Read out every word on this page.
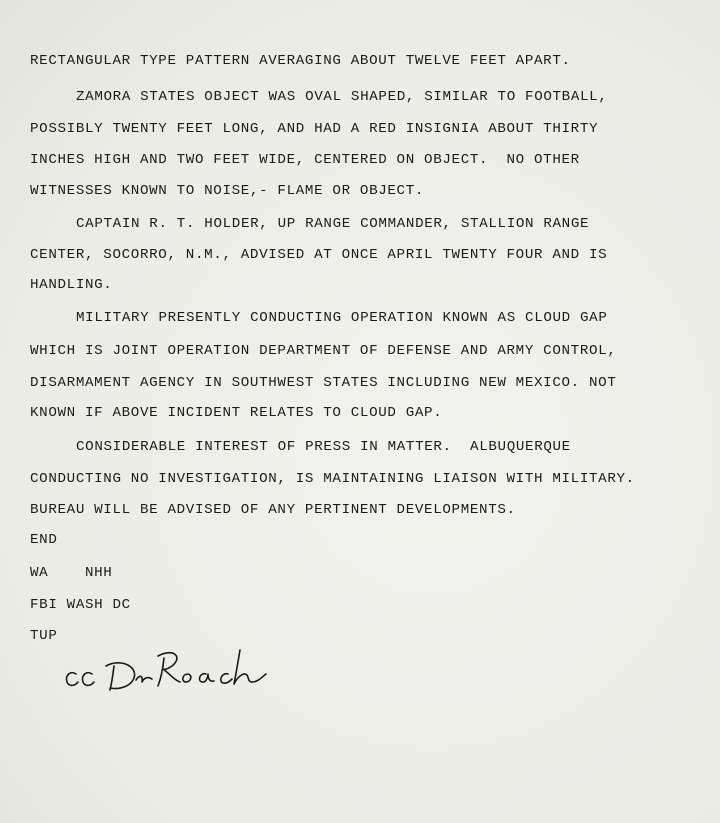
RECTANGULAR TYPE PATTERN AVERAGING ABOUT TWELVE FEET APART.
ZAMORA STATES OBJECT WAS OVAL SHAPED, SIMILAR TO FOOTBALL,
POSSIBLY TWENTY FEET LONG, AND HAD A RED INSIGNIA ABOUT THIRTY
INCHES HIGH AND TWO FEET WIDE, CENTERED ON OBJECT.  NO OTHER
WITNESSES KNOWN TO NOISE,- FLAME OR OBJECT.
CAPTAIN R. T. HOLDER, UP RANGE COMMANDER, STALLION RANGE
CENTER, SOCORRO, N.M., ADVISED AT ONCE APRIL TWENTY FOUR AND IS
HANDLING.
MILITARY PRESENTLY CONDUCTING OPERATION KNOWN AS CLOUD GAP
WHICH IS JOINT OPERATION DEPARTMENT OF DEFENSE AND ARMY CONTROL,
DISARMAMENT AGENCY IN SOUTHWEST STATES INCLUDING NEW MEXICO. NOT
KNOWN IF ABOVE INCIDENT RELATES TO CLOUD GAP.
CONSIDERABLE INTEREST OF PRESS IN MATTER.  ALBUQUERQUE
CONDUCTING NO INVESTIGATION, IS MAINTAINING LIAISON WITH MILITARY.
BUREAU WILL BE ADVISED OF ANY PERTINENT DEVELOPMENTS.
END
WA    NHH
FBI WASH DC
TUP
